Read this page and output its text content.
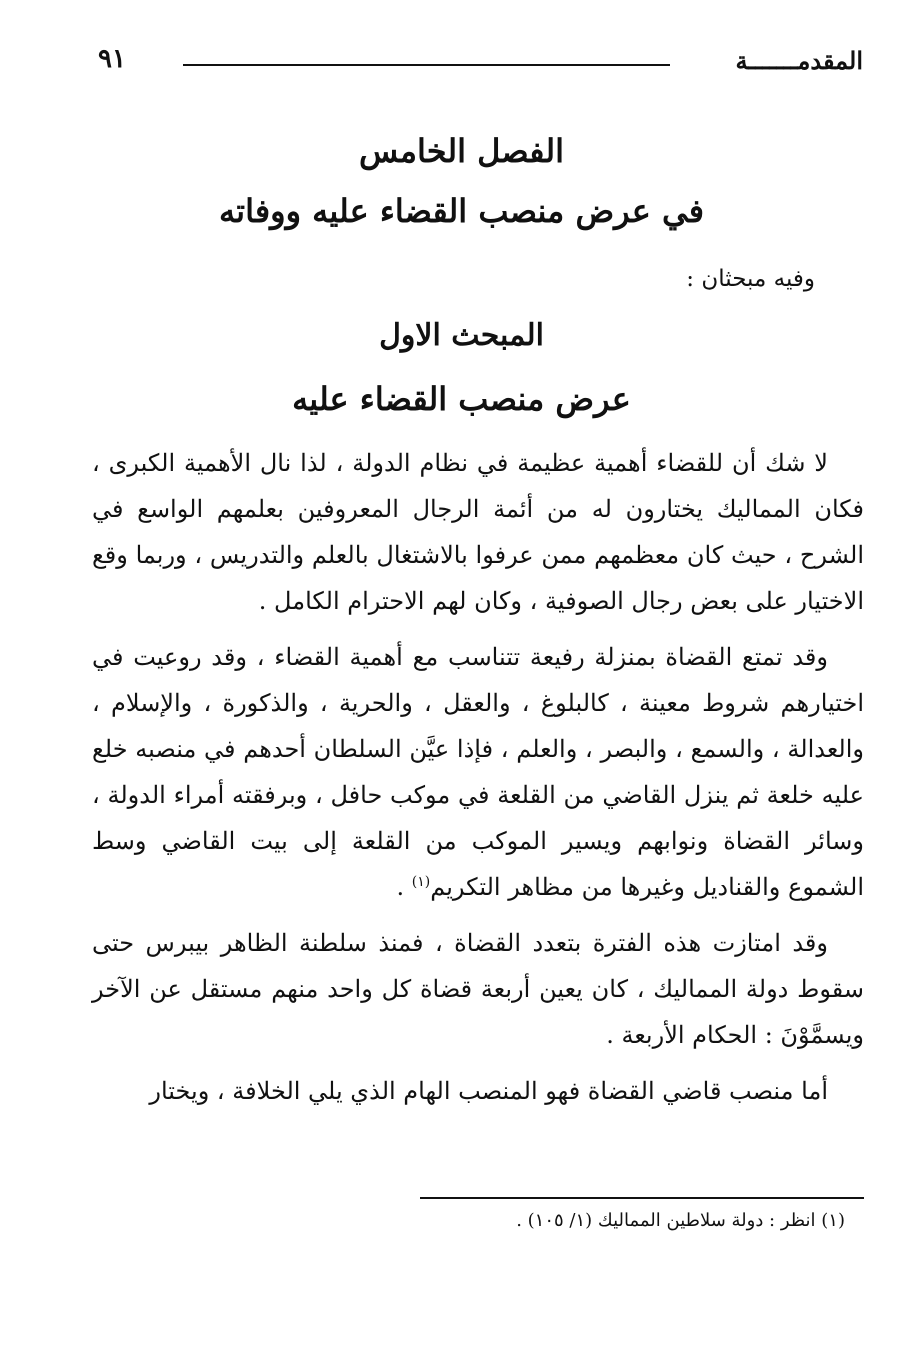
المقدمـــــــة
٩١
الفصل الخامس
في عرض منصب القضاء عليه ووفاته
وفيه مبحثان :
المبحث الاول
عرض منصب القضاء عليه

لا شك أن للقضاء أهمية عظيمة في نظام الدولة ، لذا نال الأهمية الكبرى ، فكان المماليك يختارون له من أئمة الرجال المعروفين بعلمهم الواسع في الشرح ، حيث كان معظمهم ممن عرفوا بالاشتغال بالعلم والتدريس ، وربما وقع الاختيار على بعض رجال الصوفية ، وكان لهم الاحترام الكامل .

وقد تمتع القضاة بمنزلة رفيعة تتناسب مع أهمية القضاء ، وقد روعيت في اختيارهم شروط معينة ، كالبلوغ ، والعقل ، والحرية ، والذكورة ، والإسلام ، والعدالة ، والسمع ، والبصر ، والعلم ، فإذا عيَّن السلطان أحدهم في منصبه خلع عليه خلعة ثم ينزل القاضي من القلعة في موكب حافل ، وبرفقته أمراء الدولة ، وسائر القضاة ونوابهم ويسير الموكب من القلعة إلى بيت القاضي وسط الشموع والقناديل وغيرها من مظاهر التكريم$^{(١)}$ .

وقد امتازت هذه الفترة بتعدد القضاة ، فمنذ سلطنة الظاهر بيبرس حتى سقوط دولة المماليك ، كان يعين أربعة قضاة كل واحد منهم مستقل عن الآخر ويسمَّوْنَ : الحكام الأربعة .

أما منصب قاضي القضاة فهو المنصب الهام الذي يلي الخلافة ، ويختار

(١) انظر : دولة سلاطين المماليك (١/ ١٠٥) .
